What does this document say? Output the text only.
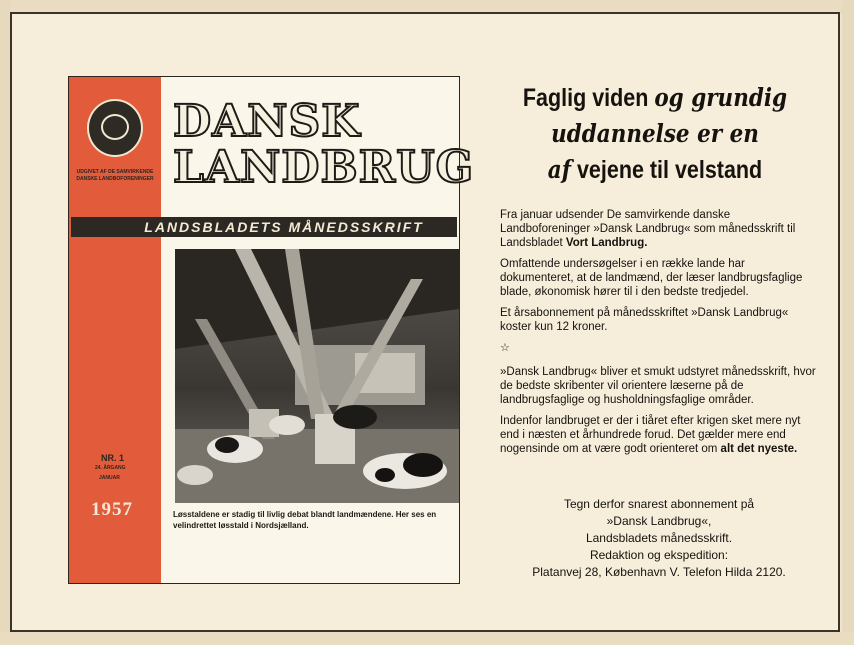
UDGIVET AF DE SAMVIRKENDE DANSKE LANDBOFORENINGER
NR. 1
24. ÅRGANG
JANUAR
1957
DANSK
LANDBRUG
LANDSBLADETS MÅNEDSSKRIFT
Løsstaldene er stadig til livlig debat blandt landmændene. Her ses en velindrettet løsstald i Nordsjælland.
Faglig viden og grundig
uddannelse er en
af vejene til velstand

Fra januar udsender De samvirkende danske Landboforeninger »Dansk Landbrug« som månedsskrift til Landsbladet Vort Landbrug.

Omfattende undersøgelser i en række lande har dokumenteret, at de landmænd, der læser landbrugsfaglige blade, økonomisk hører til i den bedste tredjedel.

Et årsabonnement på månedsskriftet »Dansk Landbrug« koster kun 12 kroner.

☆

»Dansk Landbrug« bliver et smukt udstyret månedsskrift, hvor de bedste skribenter vil orientere læserne på de landbrugsfaglige og husholdningsfaglige områder.

Indenfor landbruget er der i tiåret efter krigen sket mere nyt end i næsten et århundrede forud. Det gælder mere end nogensinde om at være godt orienteret om alt det nyeste.

Tegn derfor snarest abonnement på
»Dansk Landbrug«,
Landsbladets månedsskrift.
Redaktion og ekspedition:
Platanvej 28, København V. Telefon Hilda 2120.
